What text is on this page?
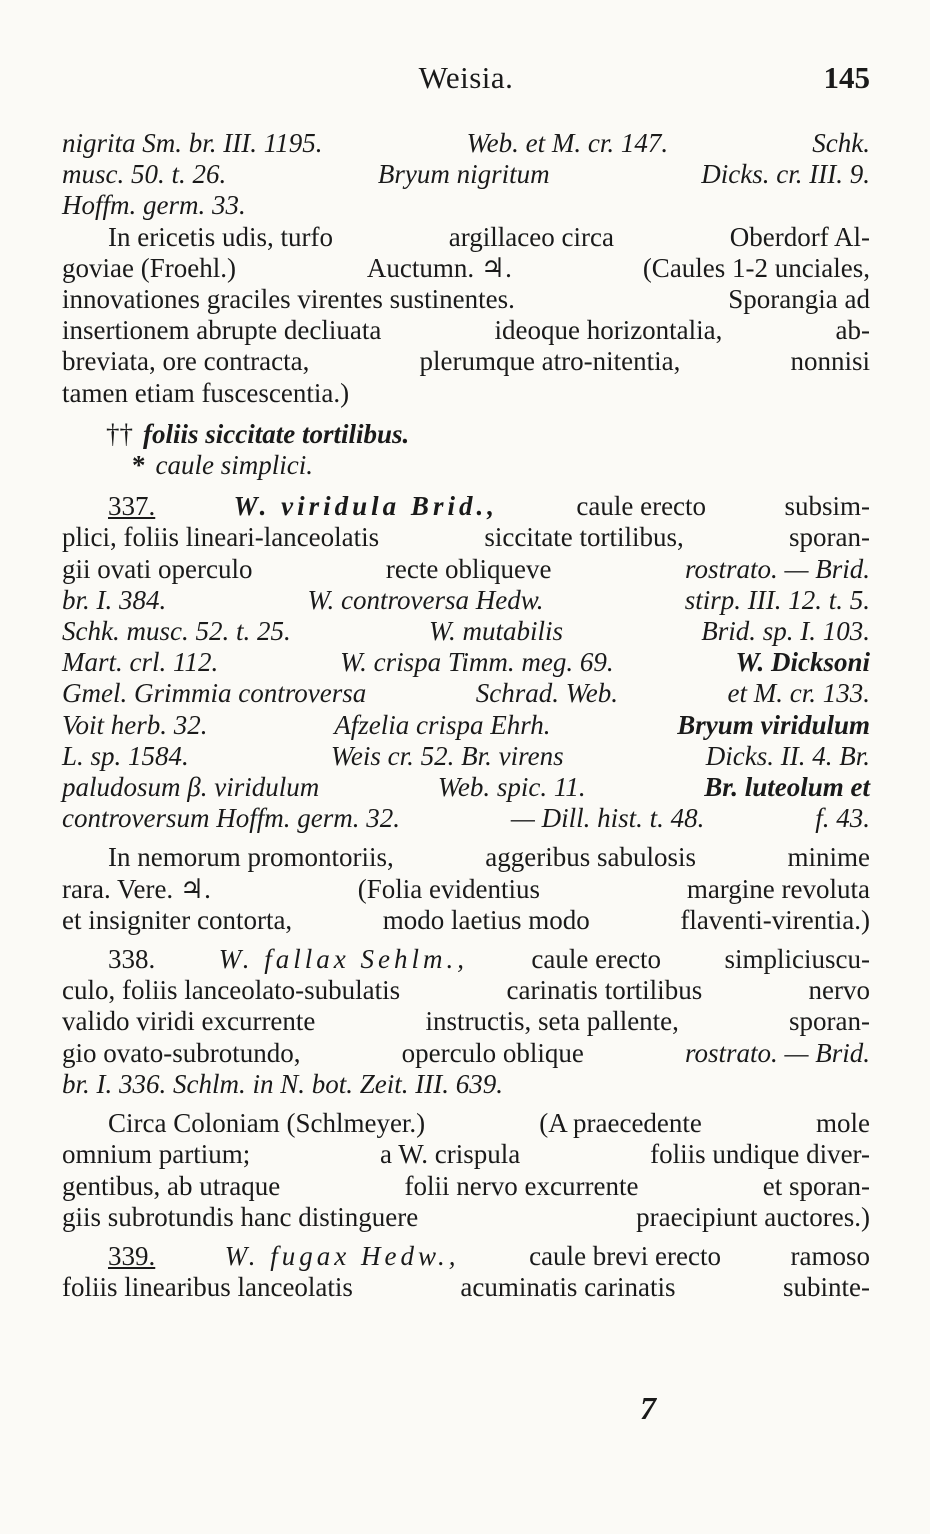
Weisia.	145
nigrita Sm. br. III. 1195.	Web. et M. cr. 147.	Schk.
musc. 50. t. 26.	Bryum nigritum	Dicks. cr. III. 9.
Hoffm. germ. 33.
In ericetis udis, turfo	argillaceo circa	Oberdorf Al-
goviae (Froehl.)	Auctumn. ♃.	(Caules 1-2 unciales,
innovationes graciles virentes sustinentes.	Sporangia ad
insertionem abrupte decliuata	ideoque horizontalia,	ab-
breviata, ore contracta,	plerumque atro-nitentia,	nonnisi
tamen etiam fuscescentia.)
†† foliis siccitate tortilibus.
* caule simplici.
337.	W. viridula Brid.,	caule erecto	subsim-
plici, foliis lineari-lanceolatis	siccitate tortilibus,	sporan-
gii ovati operculo	recte obliqueve	rostrato. — Brid.
br. I. 384.	W. controversa Hedw.	stirp. III. 12. t. 5.
Schk. musc. 52. t. 25.	W. mutabilis	Brid. sp. I. 103.
Mart. crl. 112.	W. crispa Timm. meg. 69.	W. Dicksoni
Gmel. Grimmia controversa	Schrad. Web.	et M. cr. 133.
Voit herb. 32.	Afzelia crispa Ehrh.	Bryum viridulum
L. sp. 1584.	Weis cr. 52. Br. virens	Dicks. II. 4. Br.
paludosum β. viridulum	Web. spic. 11.	Br. luteolum et
controversum Hoffm. germ. 32.	— Dill. hist. t. 48.	f. 43.
In nemorum promontoriis,	aggeribus sabulosis	minime
rara. Vere. ♃.	(Folia evidentius	margine revoluta
et insigniter contorta,	modo laetius modo	flaventi-virentia.)
338. W. fallax Sehlm., caule erecto simpliciuscu-
culo, foliis lanceolato-subulatis	carinatis tortilibus	nervo
valido viridi excurrente	instructis, seta pallente,	sporan-
gio ovato-subrotundo,	operculo oblique	rostrato. — Brid.
br. I. 336. Schlm. in N. bot. Zeit. III. 639.
Circa Coloniam (Schlmeyer.)	(A praecedente	mole
omnium partium;	a W. crispula	foliis undique diver-
gentibus, ab utraque	folii nervo excurrente	et sporan-
giis subrotundis hanc distinguere	praecipiunt auctores.)
339.	W. fugax Hedw.,	caule brevi erecto	ramoso
foliis linearibus lanceolatis	acuminatis carinatis	subinte-
7
